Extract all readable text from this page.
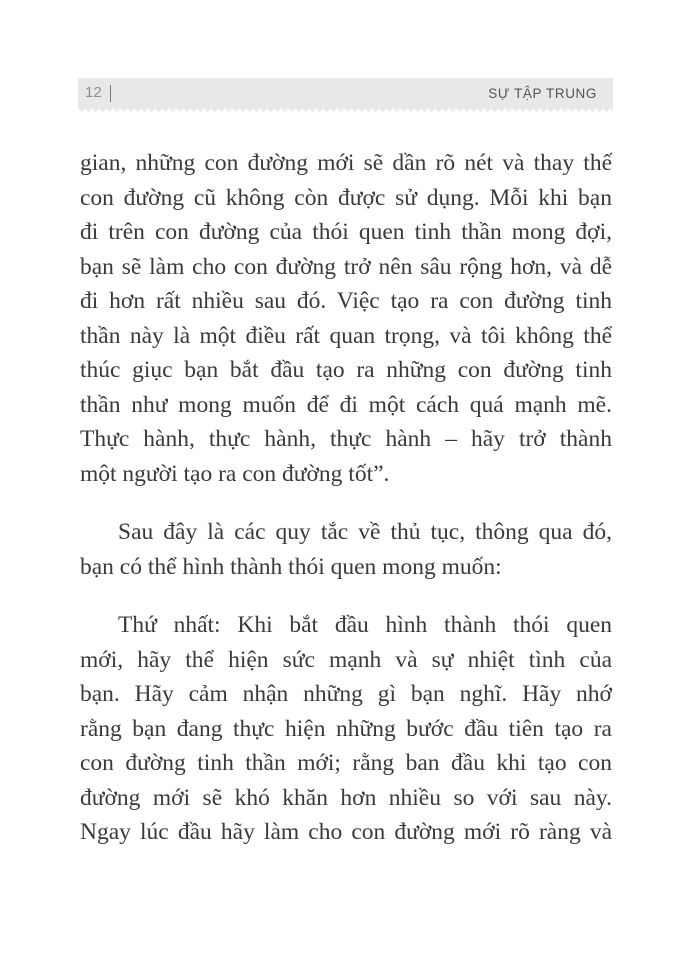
12	SỰ TẬP TRUNG
gian, những con đường mới sẽ dần rõ nét và thay thế
con đường cũ không còn được sử dụng. Mỗi khi bạn
đi trên con đường của thói quen tinh thần mong đợi,
bạn sẽ làm cho con đường trở nên sâu rộng hơn, và dễ
đi hơn rất nhiều sau đó. Việc tạo ra con đường tinh
thần này là một điều rất quan trọng, và tôi không thể
thúc giục bạn bắt đầu tạo ra những con đường tinh
thần như mong muốn để đi một cách quá mạnh mẽ.
Thực hành, thực hành, thực hành – hãy trở thành
một người tạo ra con đường tốt”.
Sau đây là các quy tắc về thủ tục, thông qua đó,
bạn có thể hình thành thói quen mong muốn:
Thứ nhất: Khi bắt đầu hình thành thói quen
mới, hãy thể hiện sức mạnh và sự nhiệt tình của
bạn. Hãy cảm nhận những gì bạn nghĩ. Hãy nhớ
rằng bạn đang thực hiện những bước đầu tiên tạo ra
con đường tinh thần mới; rằng ban đầu khi tạo con
đường mới sẽ khó khăn hơn nhiều so với sau này.
Ngay lúc đầu hãy làm cho con đường mới rõ ràng và
